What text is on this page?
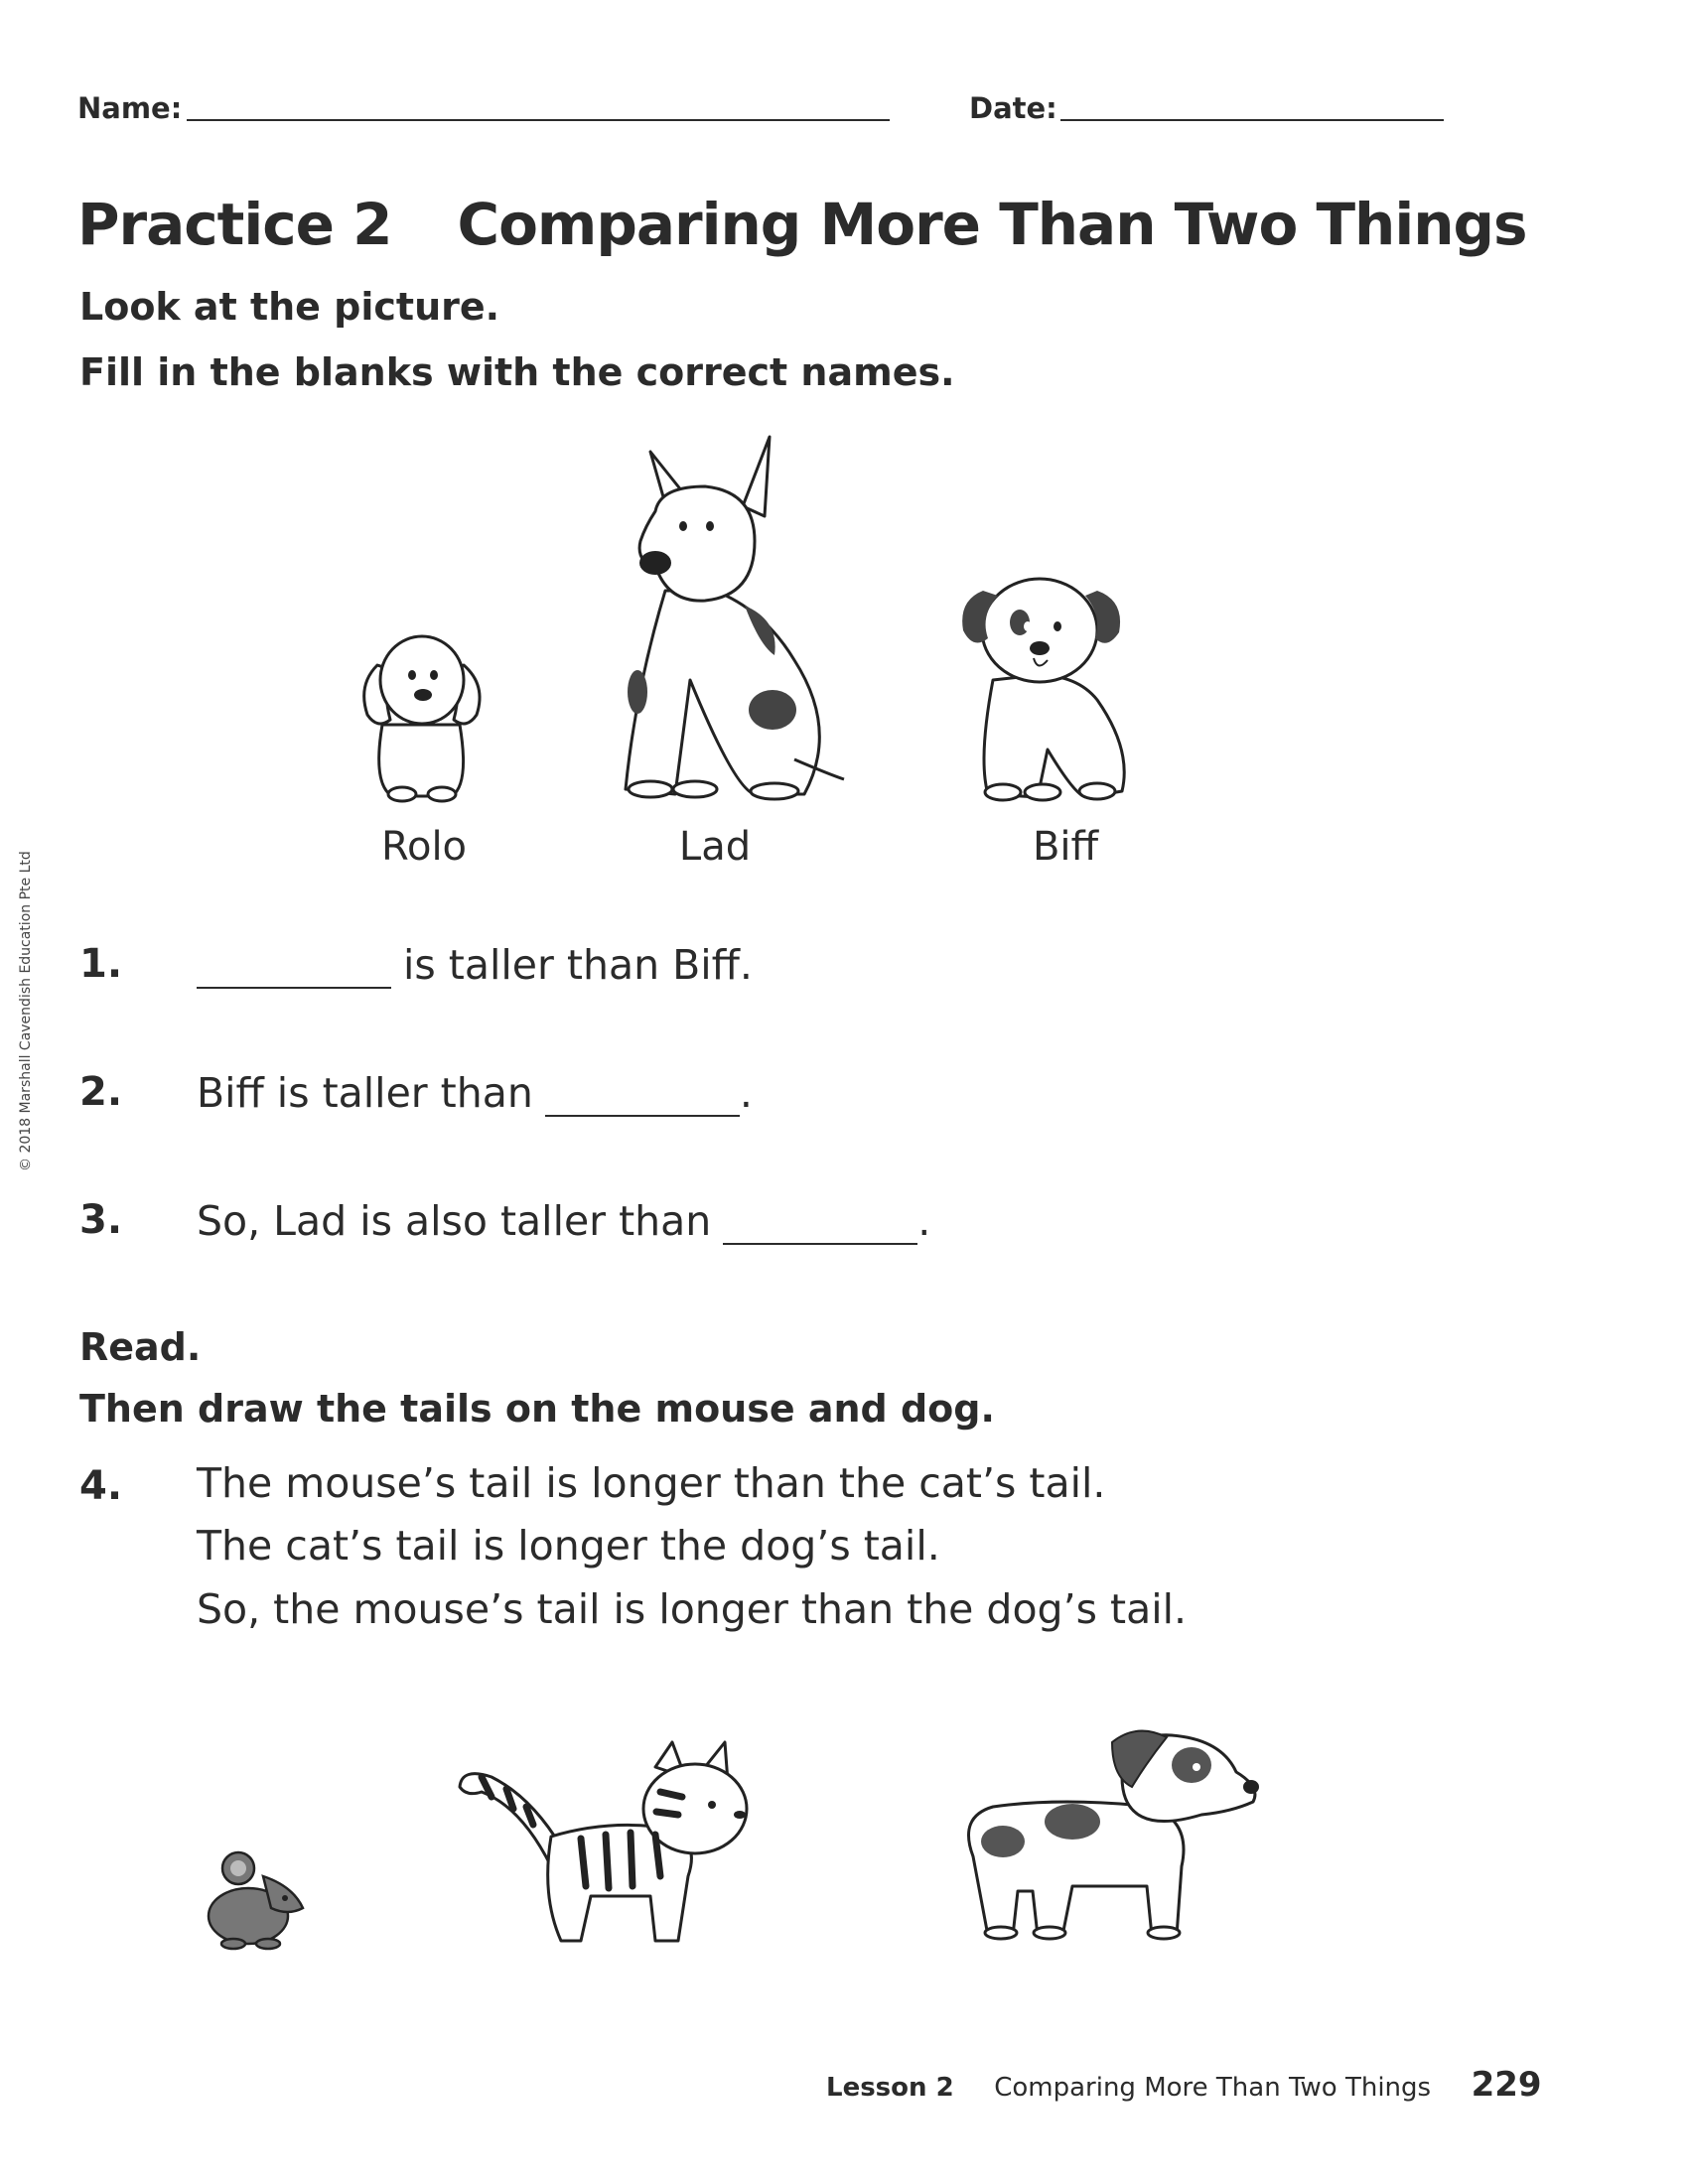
© 2018 Marshall Cavendish Education Pte Ltd
Name:	Date:
Practice 2 Comparing More Than Two Things
Look at the picture.
Fill in the blanks with the correct names.
Rolo	Lad	Biff
1.	is taller than Biff.
2. Biff is taller than	.
3. So, Lad is also taller than	.
Read.
Then draw the tails on the mouse and dog.
4. The mouse’s tail is longer than the cat’s tail.
The cat’s tail is longer the dog’s tail.
So, the mouse’s tail is longer than the dog’s tail.
Lesson 2 Comparing More Than Two Things 229
